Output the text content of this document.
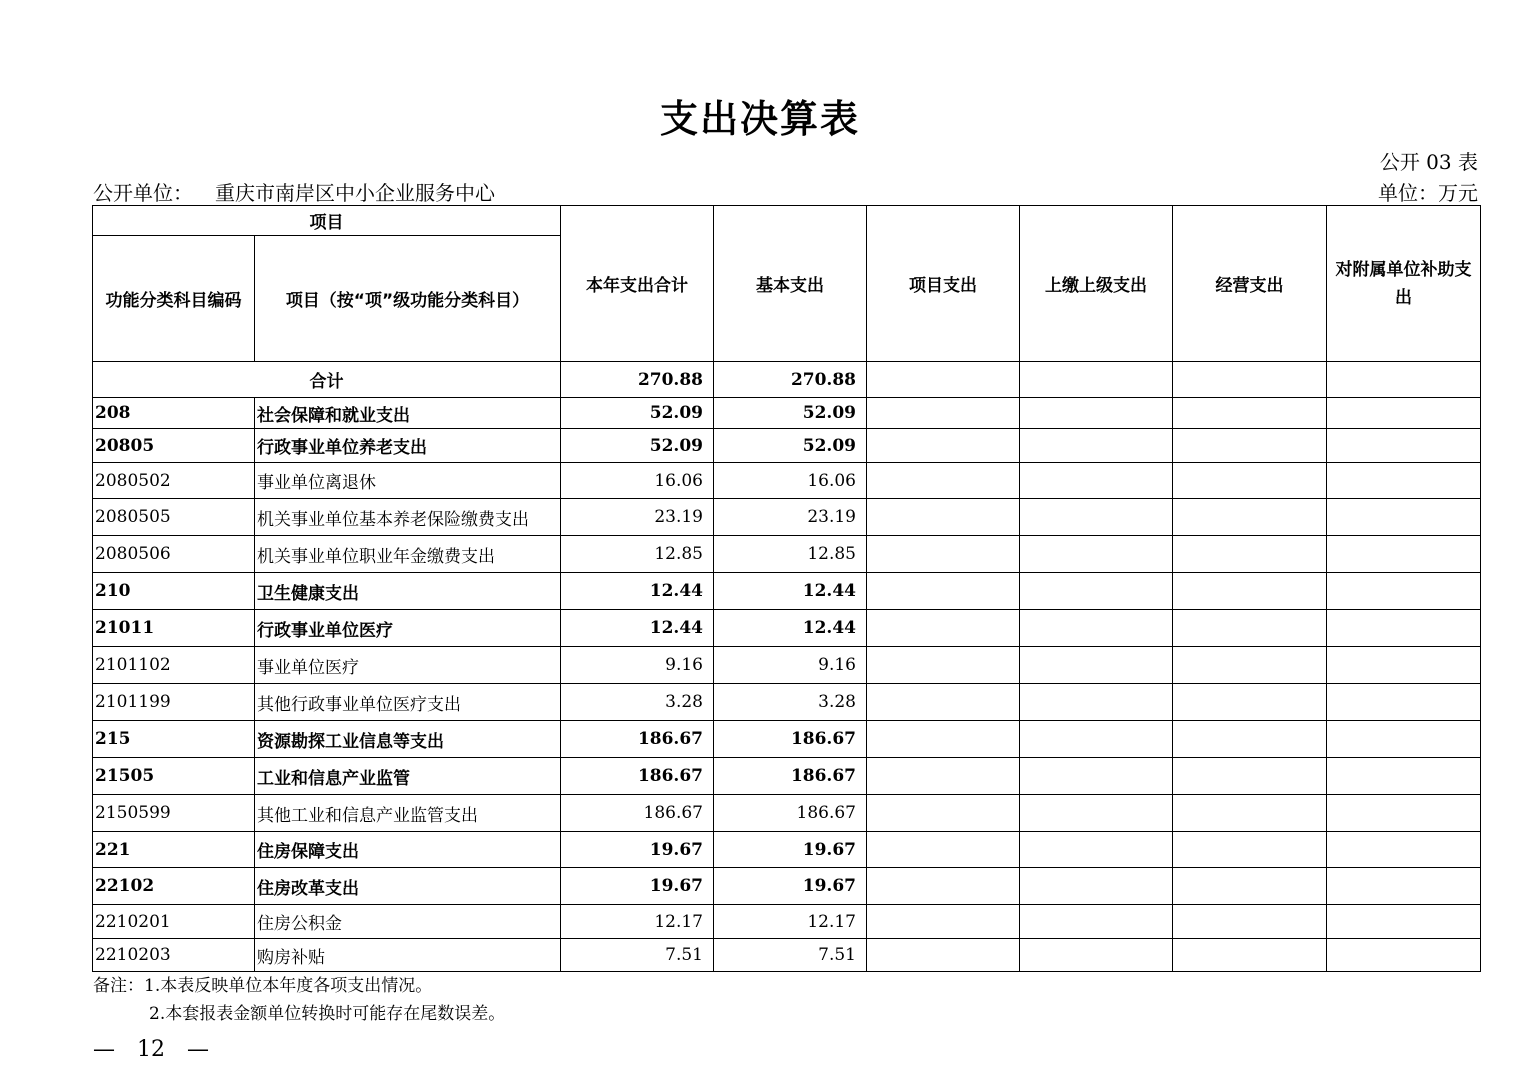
支出决算表
公开 03 表
公开单位： 重庆市南岸区中小企业服务中心	单位：万元
项目		本年支出合计	基本支出	项目支出	上缴上级支出	经营支出	对附属单位补助支出
功能分类科目编码	项目（按“项”级功能分类科目）						
合计		270.88	270.88				
208	社会保障和就业支出	52.09	52.09				
20805	行政事业单位养老支出	52.09	52.09				
2080502	事业单位离退休	16.06	16.06				
2080505	机关事业单位基本养老保险缴费支出	23.19	23.19				
2080506	机关事业单位职业年金缴费支出	12.85	12.85				
210	卫生健康支出	12.44	12.44				
21011	行政事业单位医疗	12.44	12.44				
2101102	事业单位医疗	9.16	9.16				
2101199	其他行政事业单位医疗支出	3.28	3.28				
215	资源勘探工业信息等支出	186.67	186.67				
21505	工业和信息产业监管	186.67	186.67				
2150599	其他工业和信息产业监管支出	186.67	186.67				
221	住房保障支出	19.67	19.67				
22102	住房改革支出	19.67	19.67				
2210201	住房公积金	12.17	12.17				
2210203	购房补贴	7.51	7.51				
备注：1.本表反映单位本年度各项支出情况。
2.本套报表金额单位转换时可能存在尾数误差。
—　12　—
